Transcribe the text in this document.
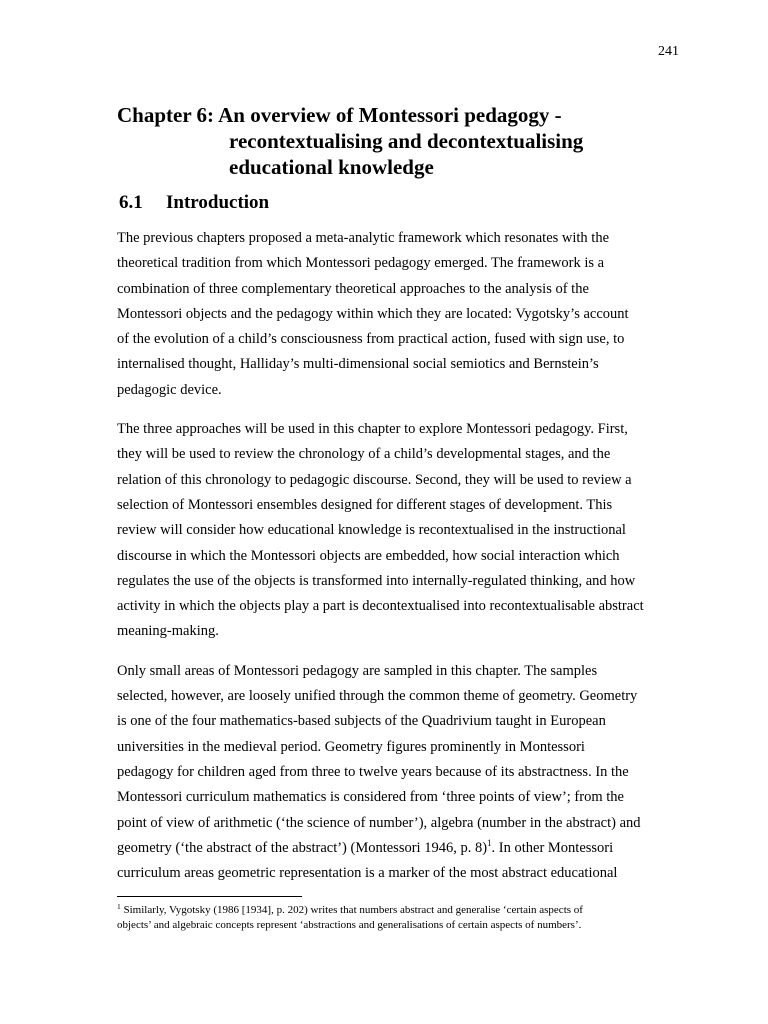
241
Chapter 6: An overview of Montessori pedagogy -
recontextualising and decontextualising
educational knowledge
6.1 Introduction

The previous chapters proposed a meta-analytic framework which resonates with the
theoretical tradition from which Montessori pedagogy emerged. The framework is a
combination of three complementary theoretical approaches to the analysis of the
Montessori objects and the pedagogy within which they are located: Vygotsky’s account
of the evolution of a child’s consciousness from practical action, fused with sign use, to
internalised thought, Halliday’s multi-dimensional social semiotics and Bernstein’s
pedagogic device.

The three approaches will be used in this chapter to explore Montessori pedagogy. First,
they will be used to review the chronology of a child’s developmental stages, and the
relation of this chronology to pedagogic discourse. Second, they will be used to review a
selection of Montessori ensembles designed for different stages of development. This
review will consider how educational knowledge is recontextualised in the instructional
discourse in which the Montessori objects are embedded, how social interaction which
regulates the use of the objects is transformed into internally-regulated thinking, and how
activity in which the objects play a part is decontextualised into recontextualisable abstract
meaning-making.

Only small areas of Montessori pedagogy are sampled in this chapter. The samples
selected, however, are loosely unified through the common theme of geometry. Geometry
is one of the four mathematics-based subjects of the Quadrivium taught in European
universities in the medieval period. Geometry figures prominently in Montessori
pedagogy for children aged from three to twelve years because of its abstractness. In the
Montessori curriculum mathematics is considered from ‘three points of view’; from the
point of view of arithmetic (‘the science of number’), algebra (number in the abstract) and
geometry (‘the abstract of the abstract’) (Montessori 1946, p. 8)$^1$. In other Montessori
curriculum areas geometric representation is a marker of the most abstract educational

$^1$ Similarly, Vygotsky (1986 [1934], p. 202) writes that numbers abstract and generalise ‘certain aspects of
objects’ and algebraic concepts represent ‘abstractions and generalisations of certain aspects of numbers’.
